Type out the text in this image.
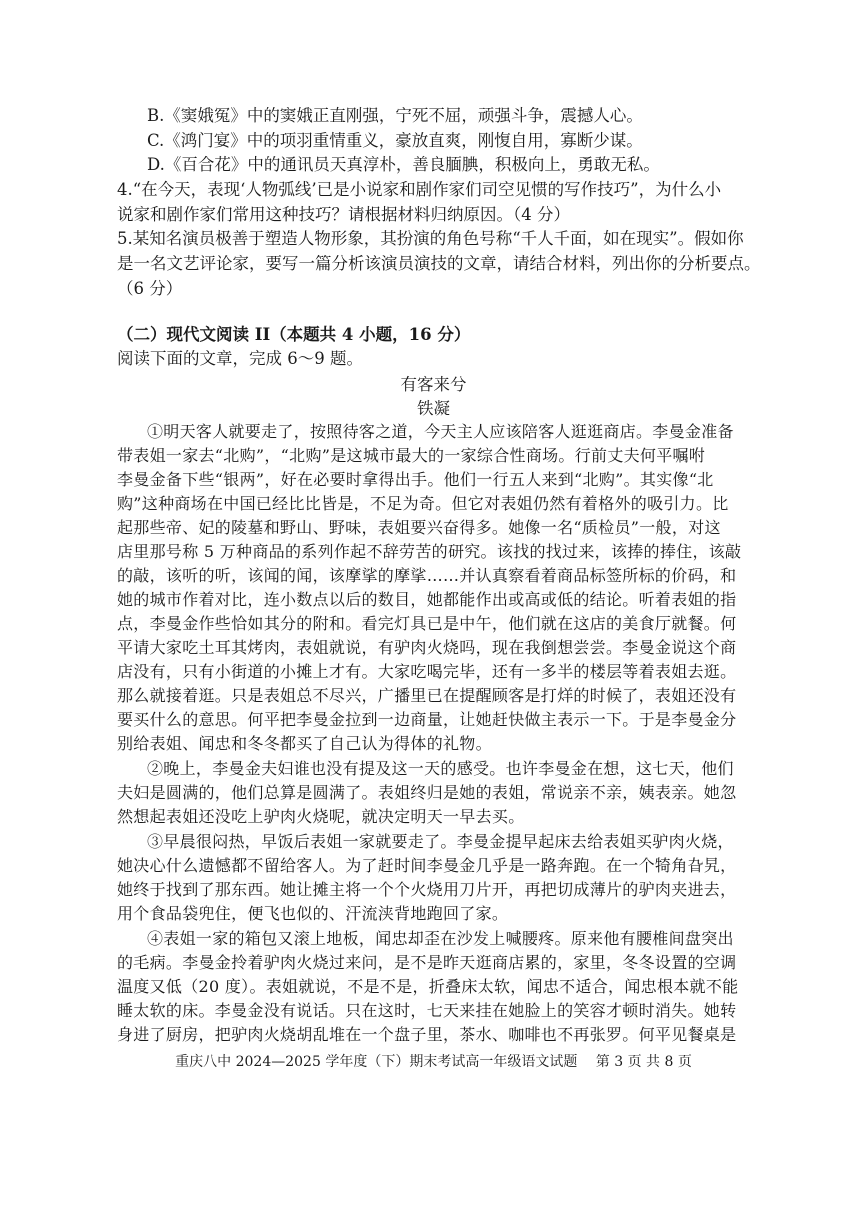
B.《窦娥冤》中的窦娥正直刚强，宁死不屈，顽强斗争，震撼人心。
C.《鸿门宴》中的项羽重情重义，豪放直爽，刚愎自用，寡断少谋。
D.《百合花》中的通讯员天真淳朴，善良腼腆，积极向上，勇敢无私。
4.“在今天，表现‘人物弧线’已是小说家和剧作家们司空见惯的写作技巧”，为什么小
说家和剧作家们常用这种技巧？请根据材料归纳原因。（4 分）
5.某知名演员极善于塑造人物形象，其扮演的角色号称“千人千面，如在现实”。假如你
是一名文艺评论家，要写一篇分析该演员演技的文章，请结合材料，列出你的分析要点。
（6 分）
（二）现代文阅读 II（本题共 4 小题，16 分）
阅读下面的文章，完成 6～9 题。
有客来兮
铁凝
①明天客人就要走了，按照待客之道，今天主人应该陪客人逛逛商店。李曼金准备
带表姐一家去“北购”，“北购”是这城市最大的一家综合性商场。行前丈夫何平嘱咐
李曼金备下些“银两”，好在必要时拿得出手。他们一行五人来到“北购”。其实像“北
购”这种商场在中国已经比比皆是，不足为奇。但它对表姐仍然有着格外的吸引力。比
起那些帝、妃的陵墓和野山、野味，表姐要兴奋得多。她像一名“质检员”一般，对这
店里那号称 5 万种商品的系列作起不辞劳苦的研究。该找的找过来，该捧的捧住，该敲
的敲，该听的听，该闻的闻，该摩挲的摩挲……并认真察看着商品标签所标的价码，和
她的城市作着对比，连小数点以后的数目，她都能作出或高或低的结论。听着表姐的指
点，李曼金作些恰如其分的附和。看完灯具已是中午，他们就在这店的美食厅就餐。何
平请大家吃土耳其烤肉，表姐就说，有驴肉火烧吗，现在我倒想尝尝。李曼金说这个商
店没有，只有小街道的小摊上才有。大家吃喝完毕，还有一多半的楼层等着表姐去逛。
那么就接着逛。只是表姐总不尽兴，广播里已在提醒顾客是打烊的时候了，表姐还没有
要买什么的意思。何平把李曼金拉到一边商量，让她赶快做主表示一下。于是李曼金分
别给表姐、闻忠和冬冬都买了自己认为得体的礼物。
②晚上，李曼金夫妇谁也没有提及这一天的感受。也许李曼金在想，这七天，他们
夫妇是圆满的，他们总算是圆满了。表姐终归是她的表姐，常说亲不亲，姨表亲。她忽
然想起表姐还没吃上驴肉火烧呢，就决定明天一早去买。
③早晨很闷热，早饭后表姐一家就要走了。李曼金提早起床去给表姐买驴肉火烧，
她决心什么遗憾都不留给客人。为了赶时间李曼金几乎是一路奔跑。在一个犄角旮旯，
她终于找到了那东西。她让摊主将一个个火烧用刀片开，再把切成薄片的驴肉夹进去，
用个食品袋兜住，便飞也似的、汗流浃背地跑回了家。
④表姐一家的箱包又滚上地板，闻忠却歪在沙发上喊腰疼。原来他有腰椎间盘突出
的毛病。李曼金拎着驴肉火烧过来问，是不是昨天逛商店累的，家里，冬冬设置的空调
温度又低（20 度）。表姐就说，不是不是，折叠床太软，闻忠不适合，闻忠根本就不能
睡太软的床。李曼金没有说话。只在这时，七天来挂在她脸上的笑容才顿时消失。她转
身进了厨房，把驴肉火烧胡乱堆在一个盘子里，茶水、咖啡也不再张罗。何平见餐桌是
重庆八中 2024—2025 学年度（下）期末考试高一年级语文试题　 第 3 页 共 8 页
